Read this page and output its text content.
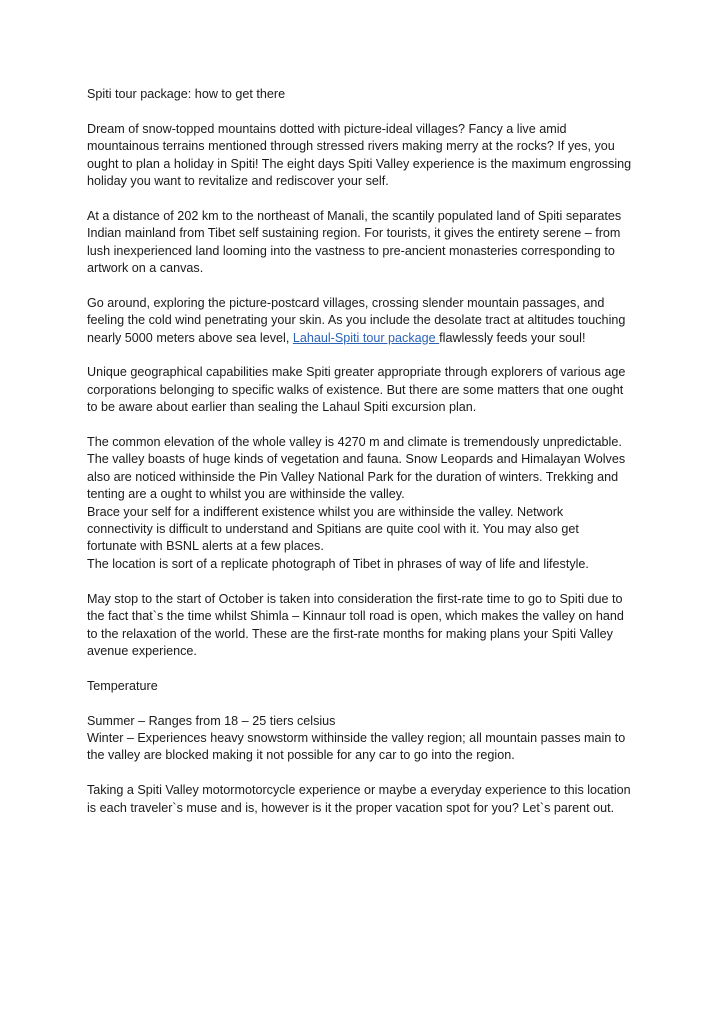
Spiti tour package: how to get there

Dream of snow-topped mountains dotted with picture-ideal villages? Fancy a live amid mountainous terrains mentioned through stressed rivers making merry at the rocks? If yes, you ought to plan a holiday in Spiti! The eight days Spiti Valley experience is the maximum engrossing holiday you want to revitalize and rediscover your self.

At a distance of 202 km to the northeast of Manali, the scantily populated land of Spiti separates Indian mainland from Tibet self sustaining region. For tourists, it gives the entirety serene – from lush inexperienced land looming into the vastness to pre-ancient monasteries corresponding to artwork on a canvas.

Go around, exploring the picture-postcard villages, crossing slender mountain passages, and feeling the cold wind penetrating your skin. As you include the desolate tract at altitudes touching nearly 5000 meters above sea level, Lahaul-Spiti tour package flawlessly feeds your soul!

Unique geographical capabilities make Spiti greater appropriate through explorers of various age corporations belonging to specific walks of existence. But there are some matters that one ought to be aware about earlier than sealing the Lahaul Spiti excursion plan.

The common elevation of the whole valley is 4270 m and climate is tremendously unpredictable.

The valley boasts of huge kinds of vegetation and fauna. Snow Leopards and Himalayan Wolves also are noticed withinside the Pin Valley National Park for the duration of winters. Trekking and tenting are a ought to whilst you are withinside the valley.

Brace your self for a indifferent existence whilst you are withinside the valley. Network connectivity is difficult to understand and Spitians are quite cool with it. You may also get fortunate with BSNL alerts at a few places.

The location is sort of a replicate photograph of Tibet in phrases of way of life and lifestyle.

May stop to the start of October is taken into consideration the first-rate time to go to Spiti due to the fact that`s the time whilst Shimla – Kinnaur toll road is open, which makes the valley on hand to the relaxation of the world. These are the first-rate months for making plans your Spiti Valley avenue experience.

Temperature

Summer – Ranges from 18 – 25 tiers celsius

Winter – Experiences heavy snowstorm withinside the valley region; all mountain passes main to the valley are blocked making it not possible for any car to go into the region.

Taking a Spiti Valley motormotorcycle experience or maybe a everyday experience to this location is each traveler`s muse and is, however is it the proper vacation spot for you? Let`s parent out.
